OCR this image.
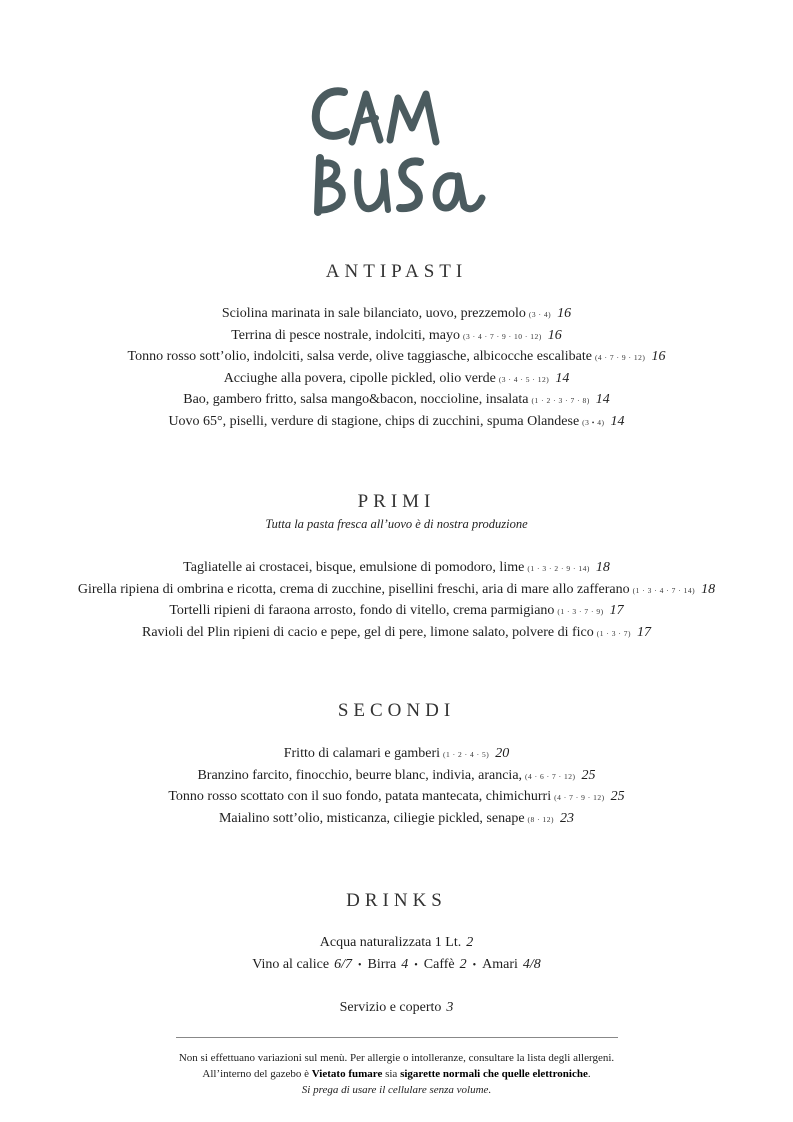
ANTIPASTI
Sciolina marinata in sale bilanciato, uovo, prezzemolo (3 · 4) 16
Terrina di pesce nostrale, indolciti, mayo (3 · 4 · 7 · 9 · 10 · 12) 16
Tonno rosso sott’olio, indolciti, salsa verde, olive taggiasche, albicocche escalibate (4 · 7 · 9 · 12) 16
Acciughe alla povera, cipolle pickled, olio verde (3 · 4 · 5 · 12) 14
Bao, gambero fritto, salsa mango&bacon, noccioline, insalata (1 · 2 · 3 · 7 · 8) 14
Uovo 65°, piselli, verdure di stagione, chips di zucchini, spuma Olandese (3 • 4) 14
PRIMI
Tutta la pasta fresca all’uovo è di nostra produzione
Tagliatelle ai crostacei, bisque, emulsione di pomodoro, lime (1 · 3 · 2 · 9 · 14) 18
Girella ripiena di ombrina e ricotta, crema di zucchine, pisellini freschi, aria di mare allo zafferano (1 · 3 · 4 · 7 · 14) 18
Tortelli ripieni di faraona arrosto, fondo di vitello, crema parmigiano (1 · 3 · 7 · 9) 17
Ravioli del Plin ripieni di cacio e pepe, gel di pere, limone salato, polvere di fico (1 · 3 · 7) 17
SECONDI
Fritto di calamari e gamberi (1 · 2 · 4 · 5) 20
Branzino farcito, finocchio, beurre blanc, indivia, arancia, (4 · 6 · 7 · 12) 25
Tonno rosso scottato con il suo fondo, patata mantecata, chimichurri (4 · 7 · 9 · 12) 25
Maialino sott’olio, misticanza, ciliegie pickled, senape (8 · 12) 23
DRINKS
Acqua naturalizzata 1 Lt. 2
Vino al calice 6/7 • Birra 4 • Caffè 2 • Amari 4/8
Servizio e coperto 3
Non si effettuano variazioni sul menù. Per allergie o intolleranze, consultare la lista degli allergeni.
All’interno del gazebo è Vietato fumare sia sigarette normali che quelle elettroniche.
Si prega di usare il cellulare senza volume.
